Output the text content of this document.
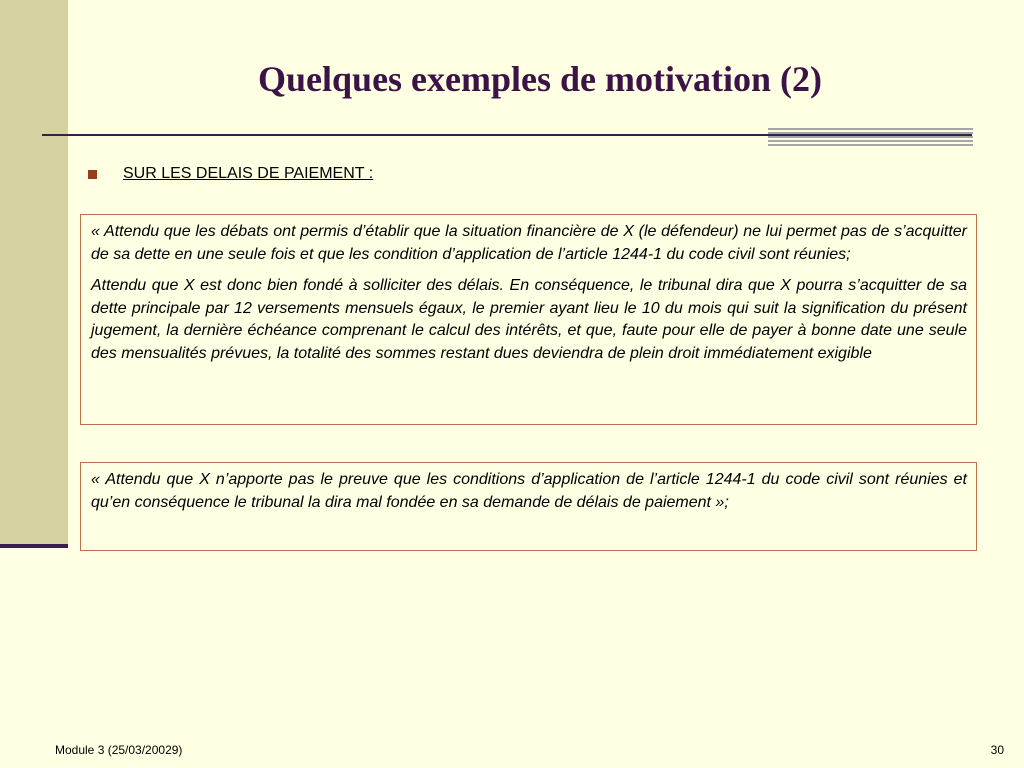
Quelques exemples de motivation (2)
SUR LES DELAIS DE PAIEMENT :

« Attendu que les débats ont permis d’établir que la situation financière de X (le défendeur) ne lui permet pas de s’acquitter de sa dette en une seule fois et que les condition d’application de l’article 1244-1 du code civil sont réunies;

Attendu que X est donc bien fondé à solliciter des délais. En conséquence, le tribunal dira que X pourra s’acquitter de sa dette principale par 12 versements mensuels égaux, le premier ayant lieu le 10 du mois qui suit la signification du présent jugement, la dernière échéance comprenant le calcul des intérêts, et que, faute pour elle de payer à bonne date une seule des mensualités prévues, la totalité des sommes restant dues deviendra de plein droit immédiatement exigible

« Attendu que X n’apporte pas le preuve que les conditions d’application de l’article 1244-1 du code civil sont réunies et qu’en conséquence le tribunal la dira mal fondée en sa demande de délais de paiement »;

Module 3 (25/03/20029)	30
